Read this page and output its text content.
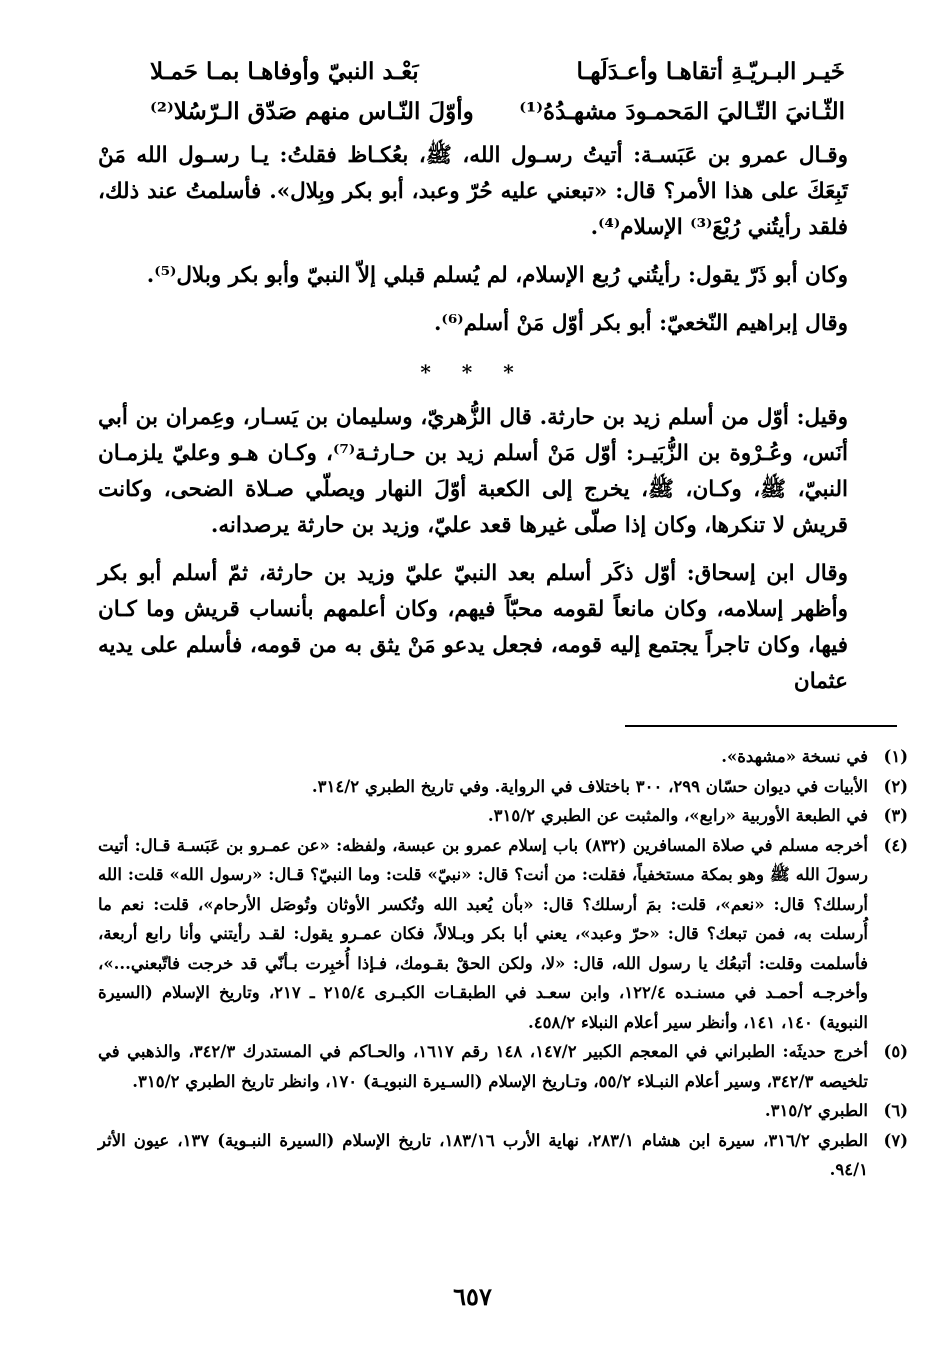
خَيـر البـريّـةِ أتقاهـا وأعـدَلَهـا
بَعْـد النبيّ وأوفاهـا بمـا حَمـلا
الثّـانيَ التّـاليَ المَحمـودَ مشهـدُهُ⁽¹⁾
وأوّلَ النّـاس منهم صَدّق الـرّسُلا⁽²⁾

وقـال عمرو بن عَبَسـة: أتيتُ رسـول الله، ﷺ، بعُكـاظ فقلتُ: يـا رسـول الله مَنْ تَبِعَكَ على هذا الأمر؟ قال: «تبعني عليه حُرّ وعبد، أبو بكر وبِلال». فأسلمتُ عند ذلك، فلقد رأيتُني رُبْعَ⁽³⁾ الإسلام⁽⁴⁾.

وكان أبو ذَرّ يقول: رأيتُني رُبع الإسلام، لم يُسلم قبلي إلاّ النبيّ وأبو بكر وبلال⁽⁵⁾.

وقال إبراهيم النّخعيّ: أبو بكر أوّل مَنْ أسلم⁽⁶⁾.

* * *

وقيل: أوّل من أسلم زيد بن حارثة. قال الزُّهريّ، وسليمان بن يَسـار، وعِمران بن أبي أنَس، وعُـرْوة بن الزُّبَيـر: أوّل مَنْ أسلم زيد بن حـارثـة⁽⁷⁾، وكـان هـو وعليّ يلزمـان النبيّ، ﷺ، وكـان، ﷺ، يخرج إلى الكعبة أوّلَ النهار ويصلّي صـلاة الضحى، وكانت قريش لا تنكرها، وكان إذا صلّى غيرها قعد عليّ، وزيد بن حارثة يرصدانه.

وقال ابن إسحاق: أوّل ذكَر أسلم بعد النبيّ عليّ وزيد بن حارثة، ثمّ أسلم أبو بكر وأظهر إسلامه، وكان مانعاً لقومه محبّاً فيهم، وكان أعلمهم بأنساب قريش وما كـان فيها، وكان تاجراً يجتمع إليه قومه، فجعل يدعو مَنْ يثق به من قومه، فأسلم على يديه عثمان

(١)
في نسخة «مشهدة».
(٢)
الأبيات في ديوان حسّان ٢٩٩، ٣٠٠ باختلاف في الرواية. وفي تاريخ الطبري ٣١٤/٢.
(٣)
في الطبعة الأوربية «رابع»، والمثبت عن الطبري ٣١٥/٢.
(٤)
أخرجه مسلم في صلاة المسافرين (٨٣٢) باب إسلام عمرو بن عبسة، ولفظه: «عن عمـرو بن عَبَسـة قـال: أتيت رسولَ الله ﷺ وهو بمكة مستخفياً، فقلت: من أنت؟ قال: «نبيّ» قلت: وما النبيّ؟ قـال: «رسول الله» قلت: الله أرسلك؟ قال: «نعم»، قلت: بمَ أرسلك؟ قال: «بأن يُعبد الله وتُكسر الأوثان وتُوصَل الأرحام»، قلت: نعم ما أُرسلت به، فمن تبعك؟ قال: «حرّ وعبد»، يعني أبا بكر وبـلالاً، فكان عمـرو يقول: لقـد رأيتني وأنا رابع أربعة، فأسلمت وقلت: أتبعُك يا رسول الله، قال: «لا، ولكن الحقْ بقـومك، فـإذا أُخبِرت بـأنّي قد خرجت فاتّبعني...»، وأخرجـه أحمـد في مسنـده ١٢٢/٤، وابن سعـد في الطبقـات الكبـرى ٢١٥/٤ ـ ٢١٧، وتاريخ الإسلام (السيرة النبوية) ١٤٠، ١٤١، وأنظر سير أعلام النبلاء ٤٥٨/٢.
(٥)
أخرج حديثَه: الطبراني في المعجم الكبير ١٤٧/٢، ١٤٨ رقم ١٦١٧، والحـاكم في المستدرك ٣٤٢/٣، والذهبي في تلخيصه ٣٤٢/٣، وسير أعلام النبـلاء ٥٥/٢، وتـاريخ الإسلام (السـيرة النبويـة) ١٧٠، وانظر تاريخ الطبري ٣١٥/٢.
(٦)
الطبري ٣١٥/٢.
(٧)
الطبري ٣١٦/٢، سيرة ابن هشام ٢٨٣/١، نهاية الأرب ١٨٣/١٦، تاريخ الإسلام (السيرة النبـوية) ١٣٧، عيون الأثر ٩٤/١.
٦٥٧
